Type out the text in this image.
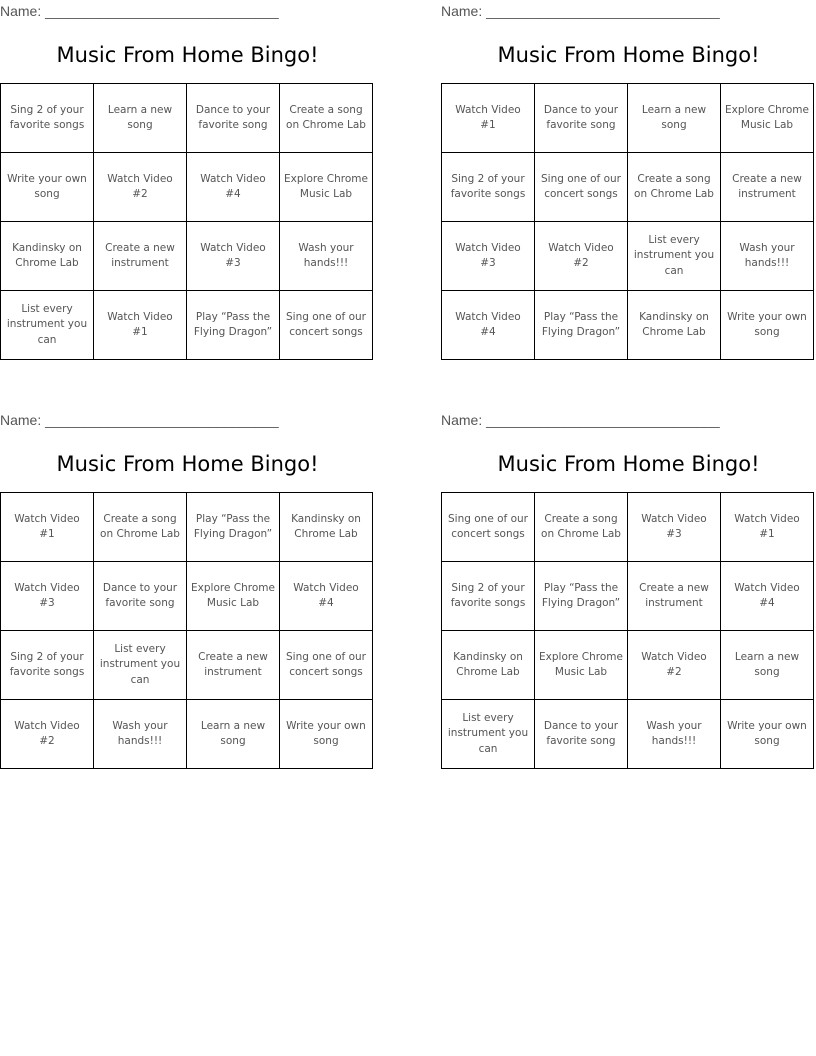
Name: ______________________________
Music From Home Bingo!
Sing 2 of your favorite songs	Learn a new song	Dance to your favorite song	Create a song on Chrome Lab
Write your own song	Watch Video #2	Watch Video #4	Explore Chrome Music Lab
Kandinsky on Chrome Lab	Create a new instrument	Watch Video #3	Wash your hands!!!
List every instrument you can	Watch Video #1	Play “Pass the Flying Dragon”	Sing one of our concert songs
Name: ______________________________
Music From Home Bingo!
Watch Video #1	Dance to your favorite song	Learn a new song	Explore Chrome Music Lab
Sing 2 of your favorite songs	Sing one of our concert songs	Create a song on Chrome Lab	Create a new instrument
Watch Video #3	Watch Video #2	List every instrument you can	Wash your hands!!!
Watch Video #4	Play “Pass the Flying Dragon”	Kandinsky on Chrome Lab	Write your own song
Name: ______________________________
Music From Home Bingo!
Watch Video #1	Create a song on Chrome Lab	Play “Pass the Flying Dragon”	Kandinsky on Chrome Lab
Watch Video #3	Dance to your favorite song	Explore Chrome Music Lab	Watch Video #4
Sing 2 of your favorite songs	List every instrument you can	Create a new instrument	Sing one of our concert songs
Watch Video #2	Wash your hands!!!	Learn a new song	Write your own song
Name: ______________________________
Music From Home Bingo!
Sing one of our concert songs	Create a song on Chrome Lab	Watch Video #3	Watch Video #1
Sing 2 of your favorite songs	Play “Pass the Flying Dragon”	Create a new instrument	Watch Video #4
Kandinsky on Chrome Lab	Explore Chrome Music Lab	Watch Video #2	Learn a new song
List every instrument you can	Dance to your favorite song	Wash your hands!!!	Write your own song
